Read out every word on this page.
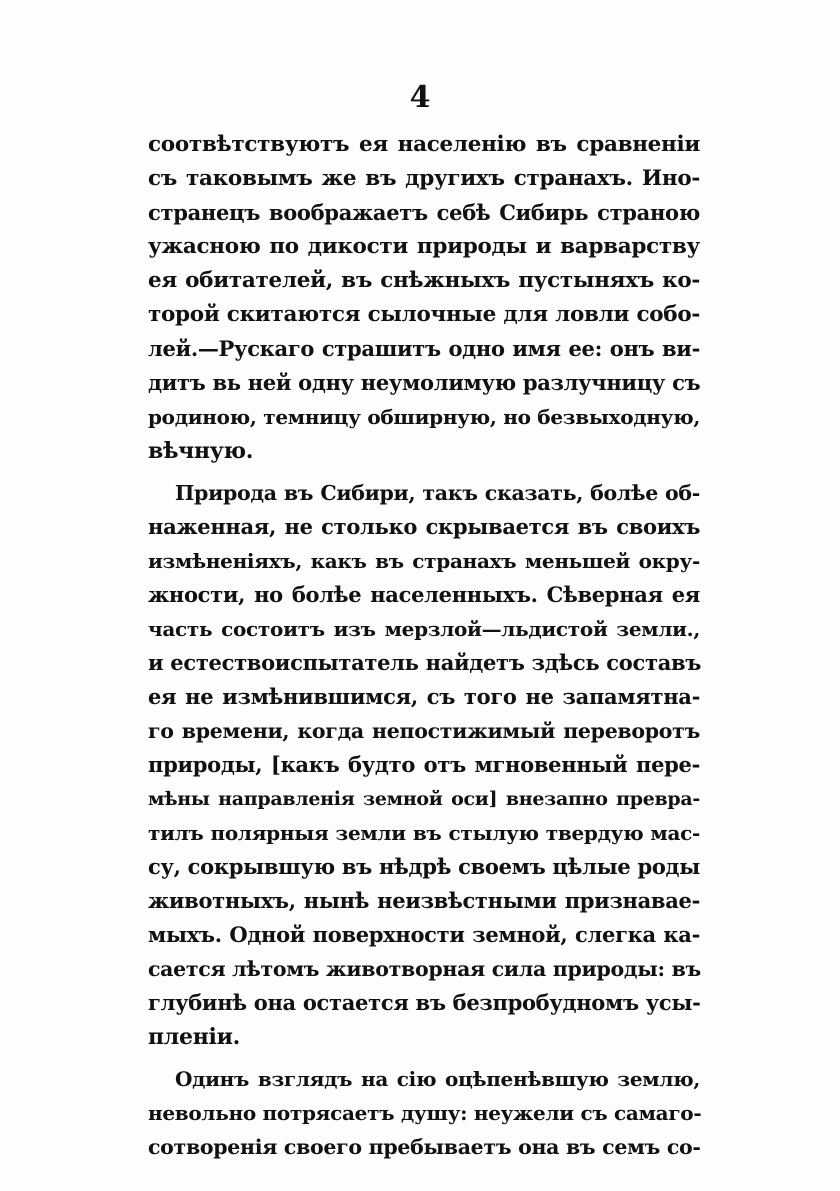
4
соотвѣтствуютъ ея населенію въ сравненіи
съ таковымъ же въ другихъ странахъ. Ино-
странецъ воображаетъ себѣ Сибирь страною
ужасною по дикости природы и варварству
ея обитателей, въ снѣжныхъ пустыняхъ ко-
торой скитаются сылочные для ловли собо-
лей.—Рускаго страшитъ одно имя ее: онъ ви-
дитъ вь ней одну неумолимую разлучницу съ
родиною, темницу обширную, но безвыходную,
вѣчную.
Природа въ Сибири, такъ сказать, болѣе об-
наженная, не столько скрывается въ своихъ
измѣненіяхъ, какъ въ странахъ меньшей окру-
жности, но болѣе населенныхъ. Сѣверная ея
часть состоитъ изъ мерзлой—льдистой земли.,
и естествоиспытатель найдетъ здѣсь составъ
ея не измѣнившимся, съ того не запамятна-
го времени, когда непостижимый переворотъ
природы, [какъ будто отъ мгновенный пере-
мѣны направленія земной оси] внезапно превра-
тилъ полярныя земли въ стылую твердую мас-
су, сокрывшую въ нѣдрѣ своемъ цѣлые роды
животныхъ, нынѣ неизвѣстными признавае-
мыхъ. Одной поверхности земной, слегка ка-
сается лѣтомъ животворная сила природы: въ
глубинѣ она остается въ безпробудномъ усы-
пленіи.
Одинъ взглядъ на сію оцѣпенѣвшую землю,
невольно потрясаетъ душу: неужели съ самаго-
сотворенія своего пребываетъ она въ семъ со-
